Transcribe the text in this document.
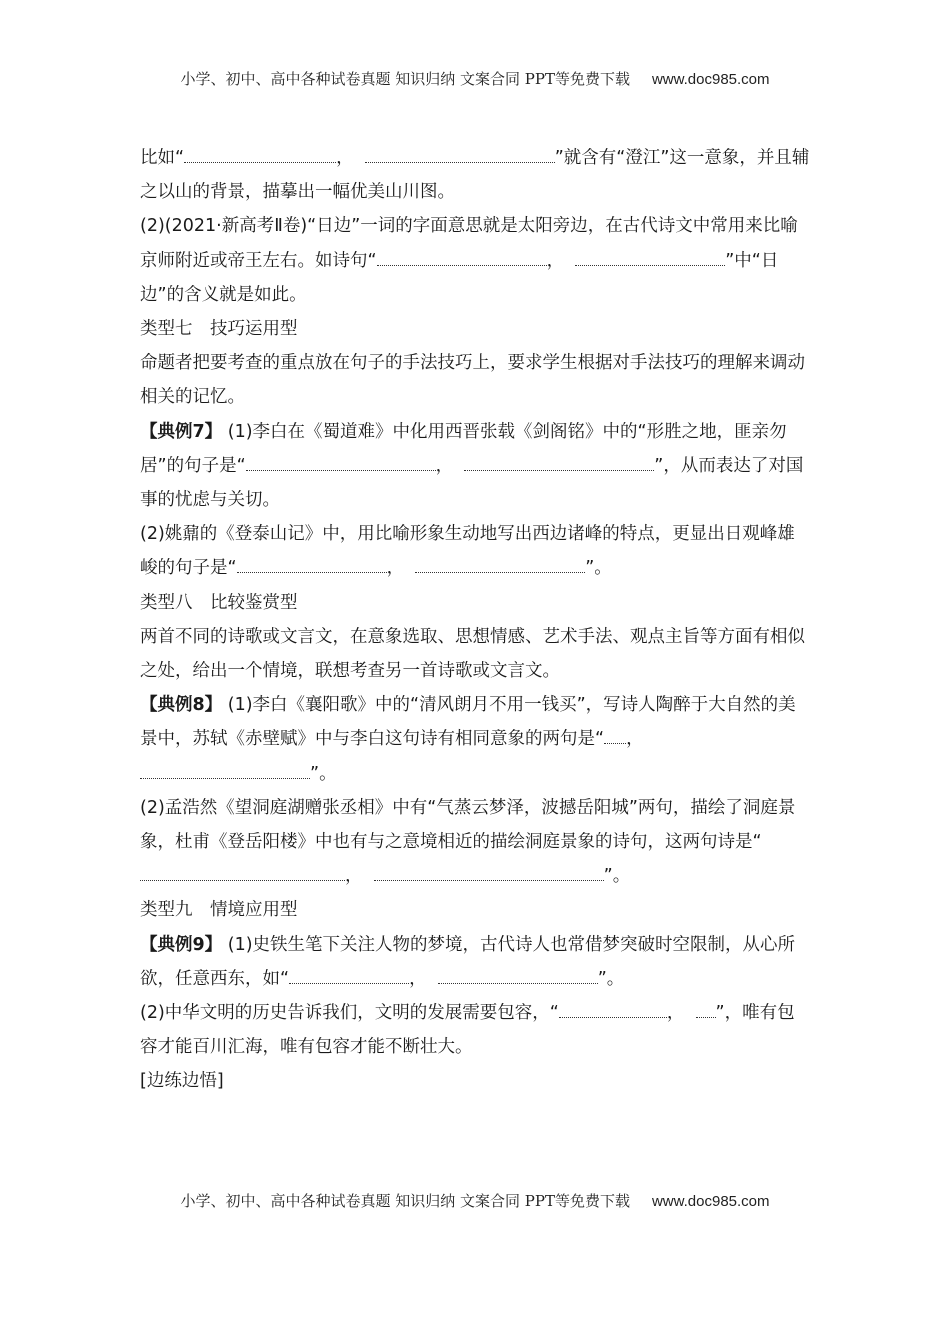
小学、初中、高中各种试卷真题 知识归纳 文案合同 PPT等免费下载 www.doc985.com

比如“	，	”就含有“澄江”这一意象，并且辅之以山的背景，描摹出一幅优美山川图。

(2)(2021·新高考Ⅱ卷)“日边”一词的字面意思就是太阳旁边，在古代诗文中常用来比喻京师附近或帝王左右。如诗句“	，	”中“日边”的含义就是如此。

类型七　技巧运用型

命题者把要考查的重点放在句子的手法技巧上，要求学生根据对手法技巧的理解来调动相关的记忆。

【典例7】 (1)李白在《蜀道难》中化用西晋张载《剑阁铭》中的“形胜之地，匪亲勿居”的句子是“	，	”，从而表达了对国事的忧虑与关切。

(2)姚鼐的《登泰山记》中，用比喻形象生动地写出西边诸峰的特点，更显出日观峰雄峻的句子是“	，	”。

类型八　比较鉴赏型

两首不同的诗歌或文言文，在意象选取、思想情感、艺术手法、观点主旨等方面有相似之处，给出一个情境，联想考查另一首诗歌或文言文。

【典例8】 (1)李白《襄阳歌》中的“清风朗月不用一钱买”，写诗人陶醉于大自然的美景中，苏轼《赤壁赋》中与李白这句诗有相同意象的两句是“ ，  ”。

(2)孟浩然《望洞庭湖赠张丞相》中有“气蒸云梦泽，波撼岳阳城”两句，描绘了洞庭景象，杜甫《登岳阳楼》中也有与之意境相近的描绘洞庭景象的诗句，这两句诗是“，	”。

类型九　情境应用型

【典例9】 (1)史铁生笔下关注人物的梦境，古代诗人也常借梦突破时空限制，从心所欲，任意西东，如“	，	”。

(2)中华文明的历史告诉我们，文明的发展需要包容，“	， ”，唯有包容才能百川汇海，唯有包容才能不断壮大。

[边练边悟]

小学、初中、高中各种试卷真题 知识归纳 文案合同 PPT等免费下载 www.doc985.com
